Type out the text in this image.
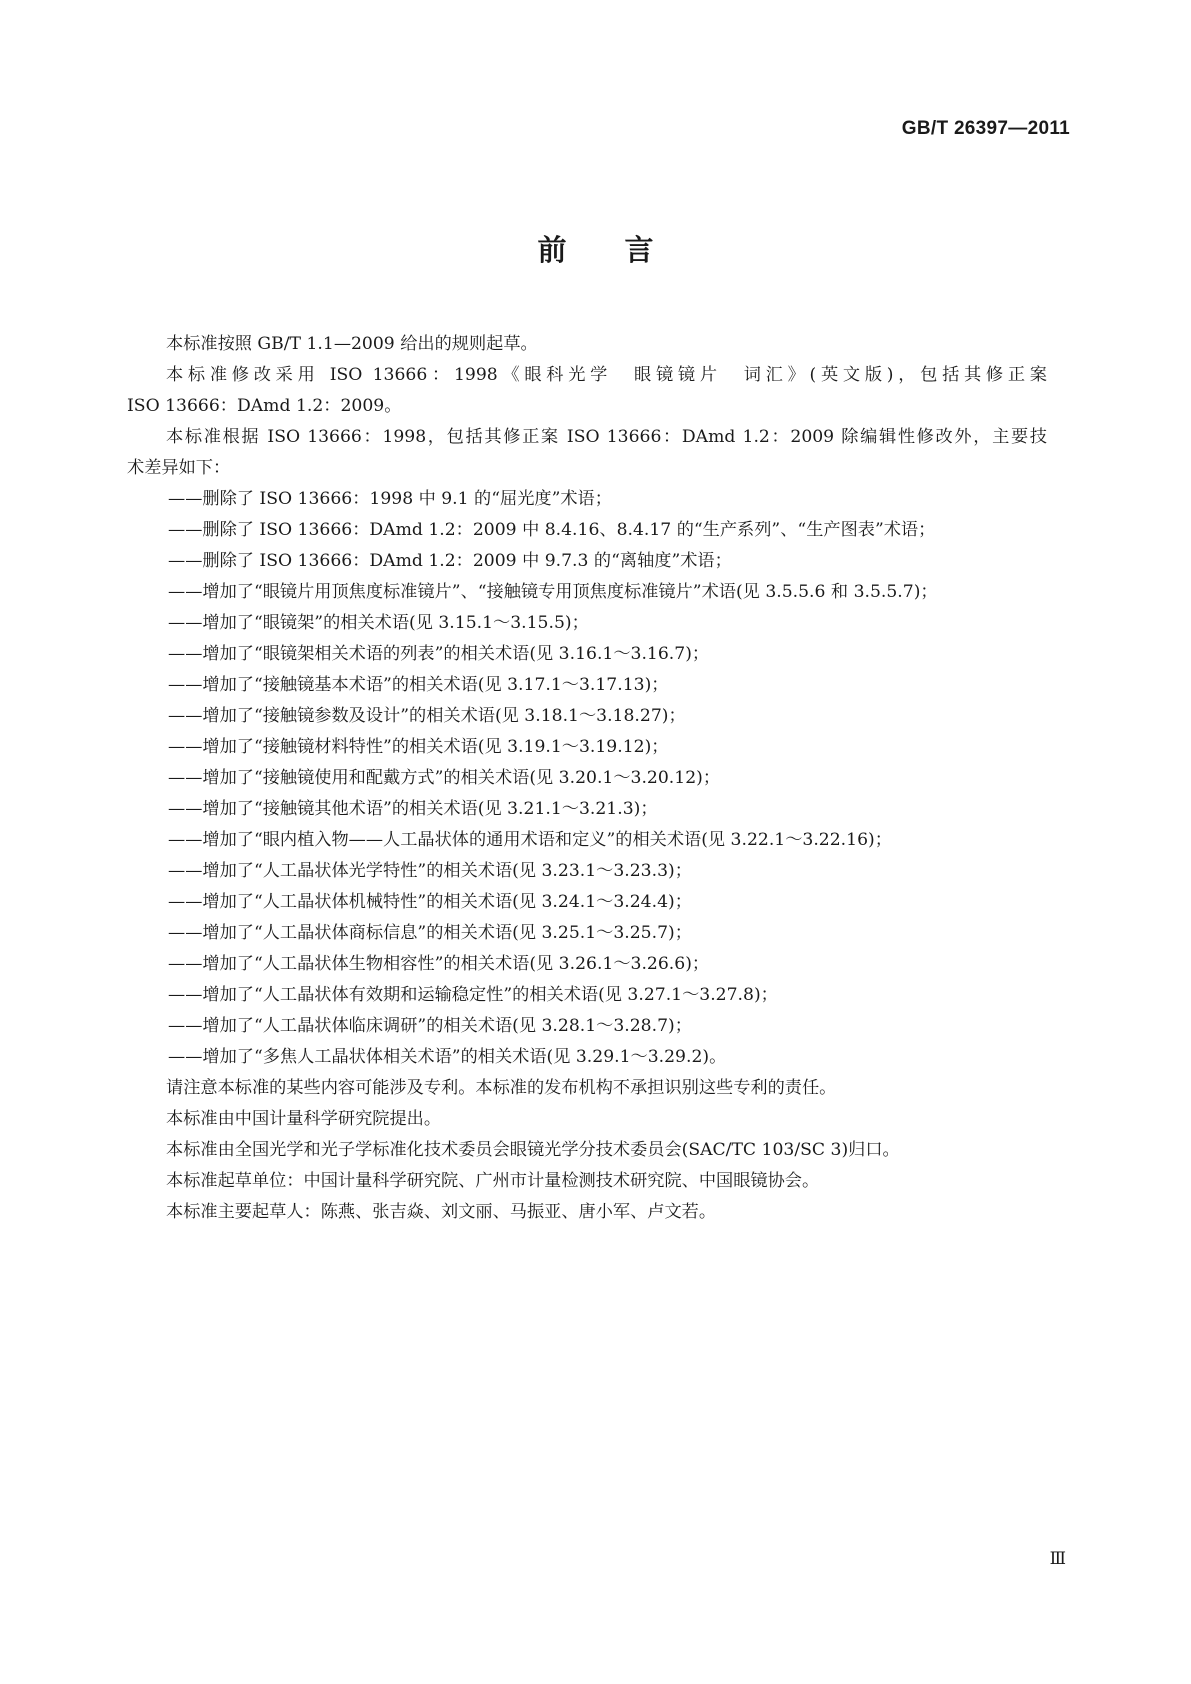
GB/T 26397—2011
前 言

本标准按照 GB/T 1.1—2009 给出的规则起草。

本标准修改采用 ISO 13666：1998《眼科光学　眼镜镜片　词汇》(英文版)，包括其修正案

ISO 13666：DAmd 1.2：2009。

本标准根据 ISO 13666：1998，包括其修正案 ISO 13666：DAmd 1.2：2009 除编辑性修改外，主要技

术差异如下：

——删除了 ISO 13666：1998 中 9.1 的“屈光度”术语；

——删除了 ISO 13666：DAmd 1.2：2009 中 8.4.16、8.4.17 的“生产系列”、“生产图表”术语；

——删除了 ISO 13666：DAmd 1.2：2009 中 9.7.3 的“离轴度”术语；

——增加了“眼镜片用顶焦度标准镜片”、“接触镜专用顶焦度标准镜片”术语(见 3.5.5.6 和 3.5.5.7)；

——增加了“眼镜架”的相关术语(见 3.15.1～3.15.5)；

——增加了“眼镜架相关术语的列表”的相关术语(见 3.16.1～3.16.7)；

——增加了“接触镜基本术语”的相关术语(见 3.17.1～3.17.13)；

——增加了“接触镜参数及设计”的相关术语(见 3.18.1～3.18.27)；

——增加了“接触镜材料特性”的相关术语(见 3.19.1～3.19.12)；

——增加了“接触镜使用和配戴方式”的相关术语(见 3.20.1～3.20.12)；

——增加了“接触镜其他术语”的相关术语(见 3.21.1～3.21.3)；

——增加了“眼内植入物——人工晶状体的通用术语和定义”的相关术语(见 3.22.1～3.22.16)；

——增加了“人工晶状体光学特性”的相关术语(见 3.23.1～3.23.3)；

——增加了“人工晶状体机械特性”的相关术语(见 3.24.1～3.24.4)；

——增加了“人工晶状体商标信息”的相关术语(见 3.25.1～3.25.7)；

——增加了“人工晶状体生物相容性”的相关术语(见 3.26.1～3.26.6)；

——增加了“人工晶状体有效期和运输稳定性”的相关术语(见 3.27.1～3.27.8)；

——增加了“人工晶状体临床调研”的相关术语(见 3.28.1～3.28.7)；

——增加了“多焦人工晶状体相关术语”的相关术语(见 3.29.1～3.29.2)。

请注意本标准的某些内容可能涉及专利。本标准的发布机构不承担识别这些专利的责任。

本标准由中国计量科学研究院提出。

本标准由全国光学和光子学标准化技术委员会眼镜光学分技术委员会(SAC/TC 103/SC 3)归口。

本标准起草单位：中国计量科学研究院、广州市计量检测技术研究院、中国眼镜协会。

本标准主要起草人：陈燕、张吉焱、刘文丽、马振亚、唐小军、卢文若。

Ⅲ
